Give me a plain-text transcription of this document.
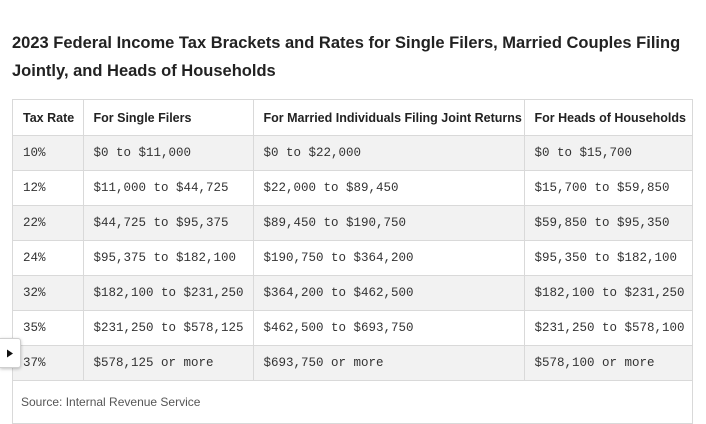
2023 Federal Income Tax Brackets and Rates for Single Filers, Married Couples Filing Jointly, and Heads of Households
Tax Rate	For Single Filers	For Married Individuals Filing Joint Returns	For Heads of Households
10%	$0 to $11,000	$0 to $22,000	$0 to $15,700
12%	$11,000 to $44,725	$22,000 to $89,450	$15,700 to $59,850
22%	$44,725 to $95,375	$89,450 to $190,750	$59,850 to $95,350
24%	$95,375 to $182,100	$190,750 to $364,200	$95,350 to $182,100
32%	$182,100 to $231,250	$364,200 to $462,500	$182,100 to $231,250
35%	$231,250 to $578,125	$462,500 to $693,750	$231,250 to $578,100
37%	$578,125 or more	$693,750 or more	$578,100 or more
Source: Internal Revenue Service
